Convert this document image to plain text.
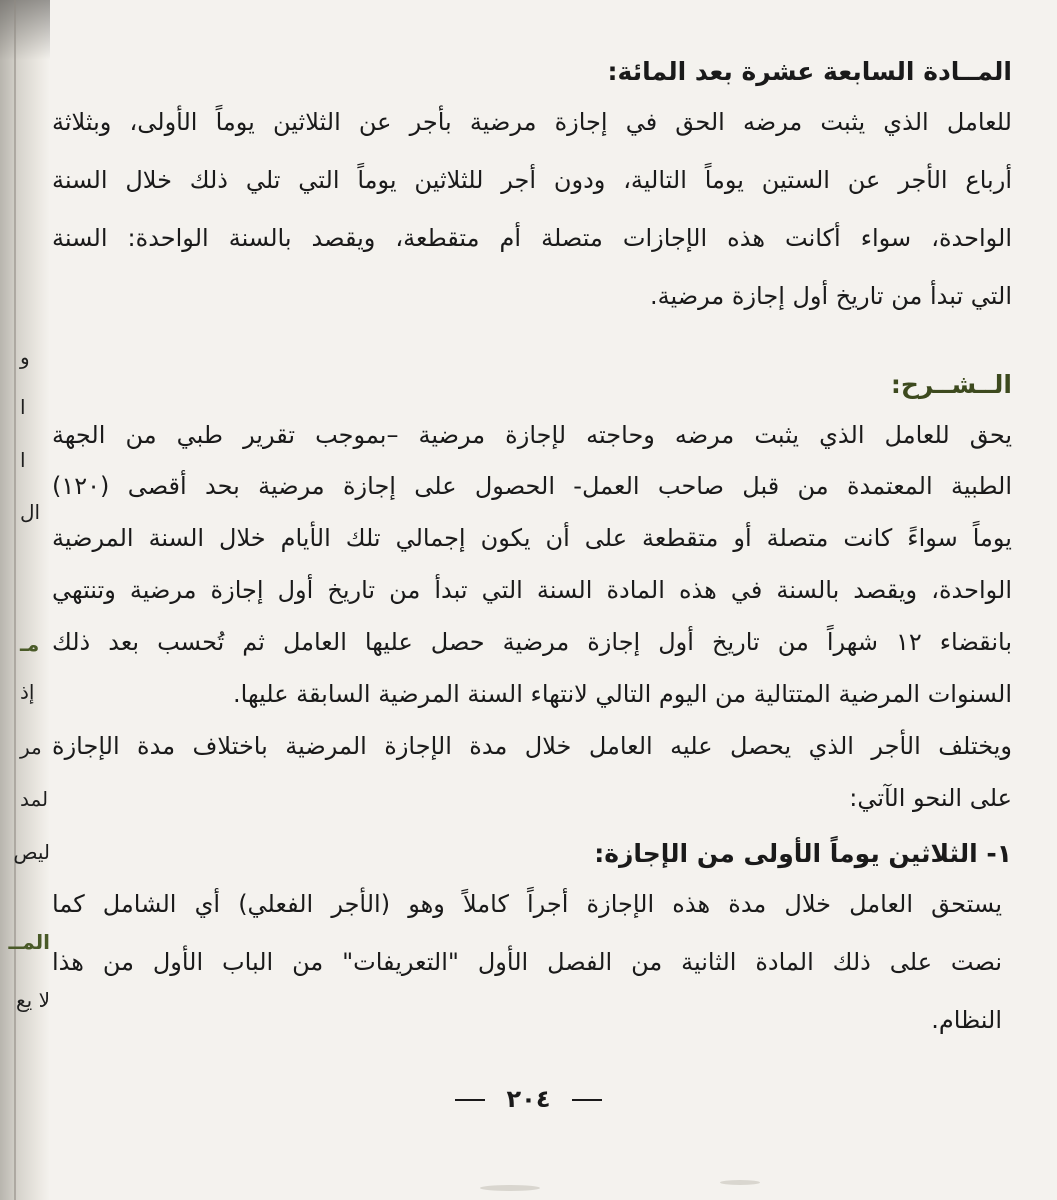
و
ا
ا
ال
مـ
إذ
مر
لمد
ليص
المــ
لا يع
المــادة السابعة عشرة بعد المائة:
للعامل الذي يثبت مرضه الحق في إجازة مرضية بأجر عن الثلاثين يوماً الأولى، وبثلاثة
أرباع الأجر عن الستين يوماً التالية، ودون أجر للثلاثين يوماً التي تلي ذلك خلال السنة
الواحدة، سواء أكانت هذه الإجازات متصلة أم متقطعة، ويقصد بالسنة الواحدة: السنة
التي تبدأ من تاريخ أول إجازة مرضية.
الــشــرح:
يحق للعامل الذي يثبت مرضه وحاجته لإجازة مرضية –بموجب تقرير طبي من الجهة
الطبية المعتمدة من قبل صاحب العمل- الحصول على إجازة مرضية بحد أقصى (١٢٠)
يوماً سواءً كانت متصلة أو متقطعة على أن يكون إجمالي تلك الأيام خلال السنة المرضية
الواحدة، ويقصد بالسنة في هذه المادة السنة التي تبدأ من تاريخ أول إجازة مرضية وتنتهي
بانقضاء ١٢ شهراً من تاريخ أول إجازة مرضية حصل عليها العامل ثم تُحسب بعد ذلك
السنوات المرضية المتتالية من اليوم التالي لانتهاء السنة المرضية السابقة عليها.
ويختلف الأجر الذي يحصل عليه العامل خلال مدة الإجازة المرضية باختلاف مدة الإجازة
على النحو الآتي:
١- الثلاثين يوماً الأولى من الإجازة:
يستحق العامل خلال مدة هذه الإجازة أجراً كاملاً وهو (الأجر الفعلي) أي الشامل كما
نصت على ذلك المادة الثانية من الفصل الأول "التعريفات" من الباب الأول من هذا
النظام.
٢٠٤
